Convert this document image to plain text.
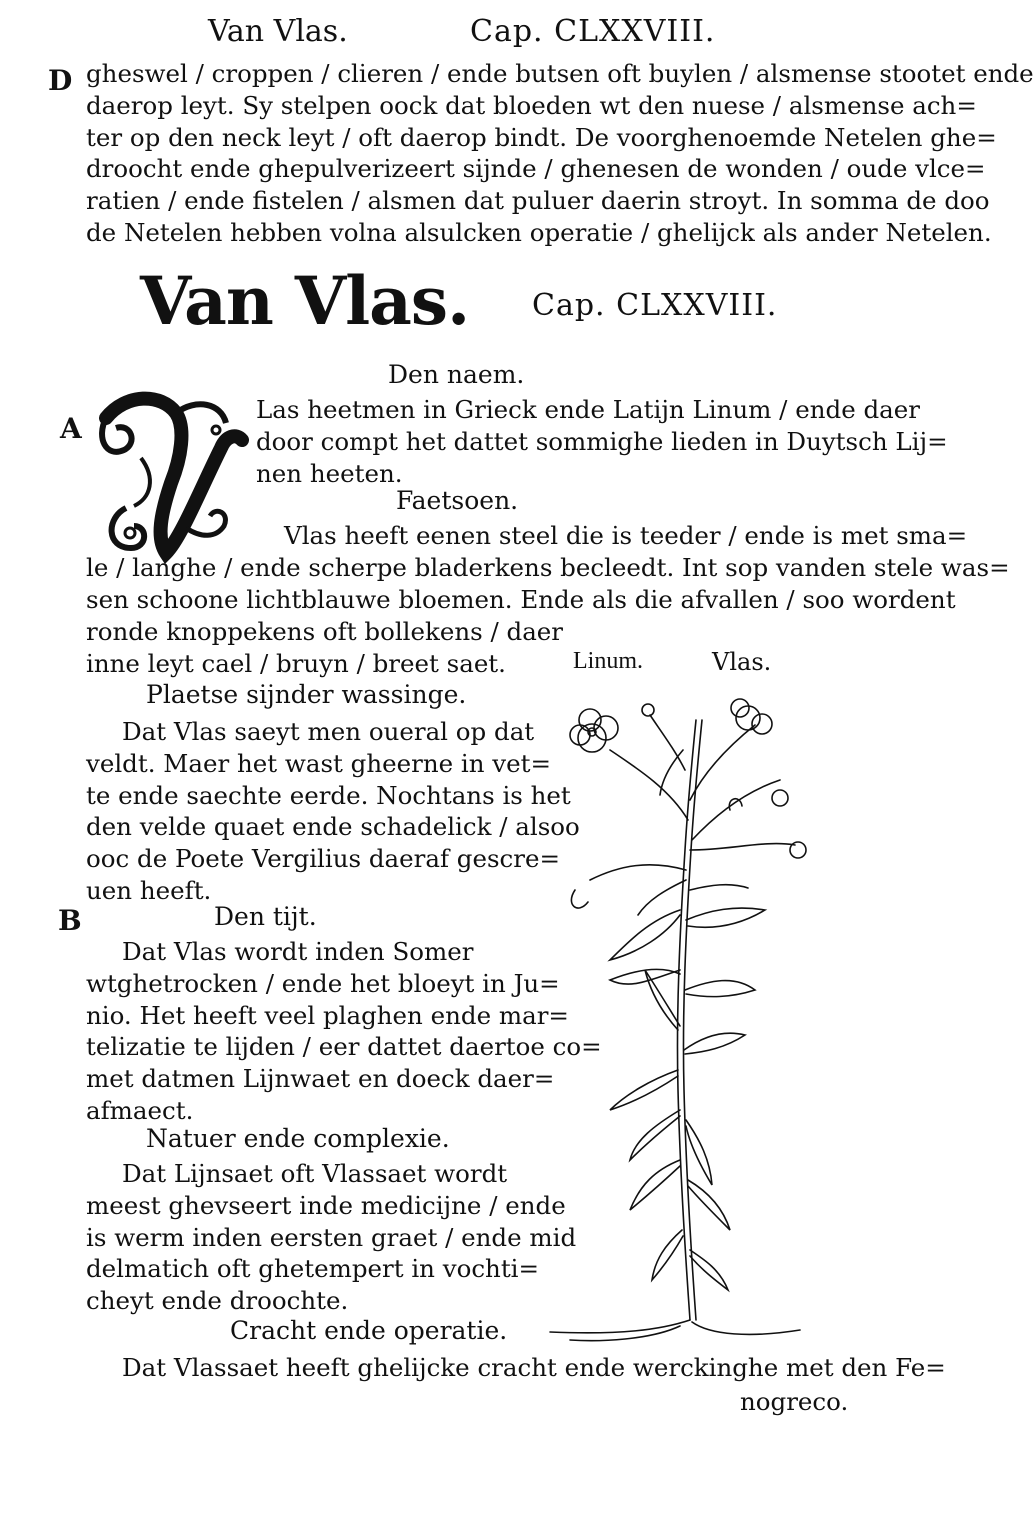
Van Vlas.	Cap. CLXXVIII.
D gheswel / croppen / clieren / ende butsen oft buylen / alsmense stootet ende
daerop leyt. Sy stelpen oock dat bloeden wt den nuese / alsmense ach=
ter op den neck leyt / oft daerop bindt. De voorghenoemde Netelen ghe=
droocht ende ghepulverizeert sijnde / ghenesen de wonden / oude vlce=
ratien / ende fistelen / alsmen dat puluer daerin stroyt. In somma de doo
de Netelen hebben volna alsulcken operatie / ghelijck als ander Netelen.
Van Vlas. Cap. CLXXVIII.
Den naem.
A
Las heetmen in Grieck ende Latijn Linum / ende daer
door compt het dattet sommighe lieden in Duytsch Lij=
nen heeten.
Faetsoen.
Vlas heeft eenen steel die is teeder / ende is met sma=
le / langhe / ende scherpe bladerkens becleedt. Int sop vanden stele was=
sen schoone lichtblauwe bloemen. Ende als die afvallen / soo wordent
ronde knoppekens oft bollekens / daer
inne leyt cael / bruyn / breet saet.	Linum.	Vlas.
Plaetse sijnder wassinge.
Dat Vlas saeyt men oueral op dat
veldt. Maer het wast gheerne in vet=
te ende saechte eerde. Nochtans is het
den velde quaet ende schadelick / alsoo
ooc de Poete Vergilius daeraf gescre=
uen heeft.
B	Den tijt.
Dat Vlas wordt inden Somer
wtghetrocken / ende het bloeyt in Ju=
nio. Het heeft veel plaghen ende mar=
telizatie te lijden / eer dattet daertoe co=
met datmen Lijnwaet en doeck daer=
afmaect.
Natuer ende complexie.
Dat Lijnsaet oft Vlassaet wordt
meest ghevseert inde medicijne / ende
is werm inden eersten graet / ende mid
delmatich oft ghetempert in vochti=
cheyt ende droochte.
Cracht ende operatie.
Dat Vlassaet heeft ghelijcke cracht ende werckinghe met den Fe=
nogreco.
